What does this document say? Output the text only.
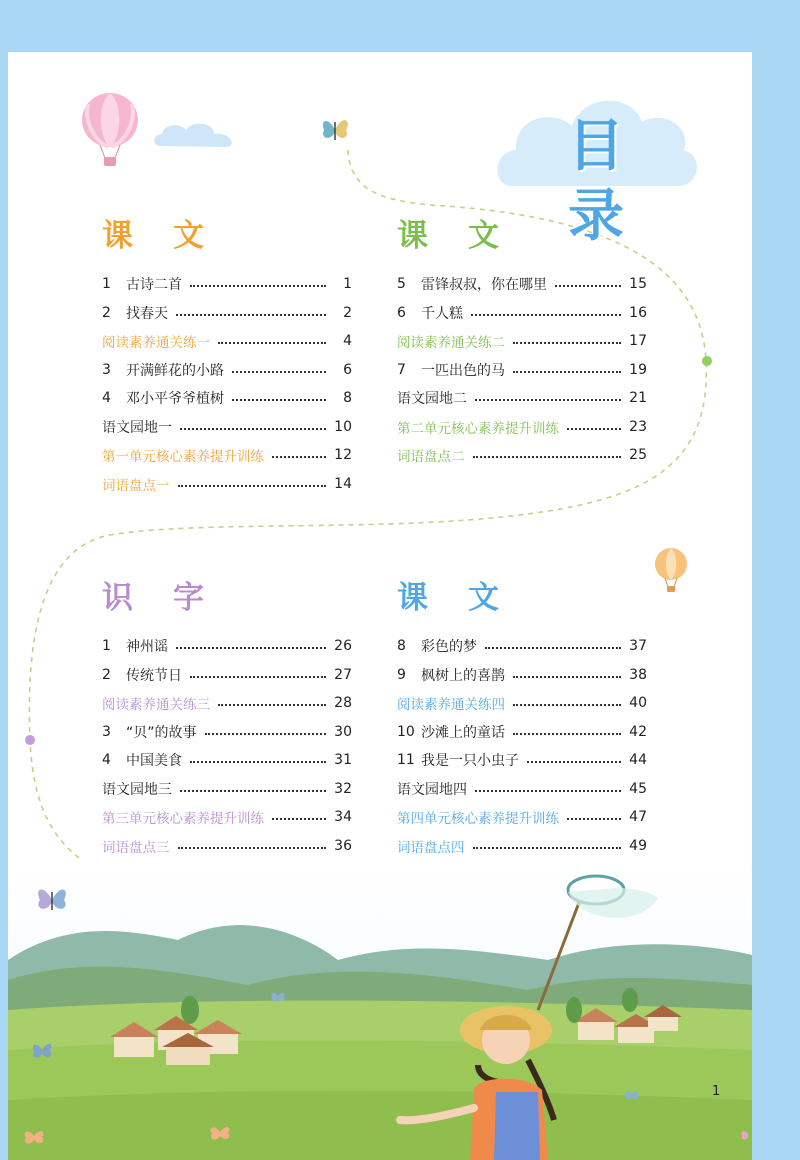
目录
课文
1	古诗二首	1
2	找春天	2
阅读素养通关练一	4
3	开满鲜花的小路	6
4	邓小平爷爷植树	8
语文园地一	10
第一单元核心素养提升训练	12
词语盘点一	14
课文
5	雷锋叔叔，你在哪里	15
6	千人糕	16
阅读素养通关练二	17
7	一匹出色的马	19
语文园地二	21
第二单元核心素养提升训练	23
词语盘点二	25
识字
1	神州谣	26
2	传统节日	27
阅读素养通关练三	28
3	“贝”的故事	30
4	中国美食	31
语文园地三	32
第三单元核心素养提升训练	34
词语盘点三	36
课文
8	彩色的梦	37
9	枫树上的喜鹊	38
阅读素养通关练四	40
10 沙滩上的童话	42
11 我是一只小虫子	44
语文园地四	45
第四单元核心素养提升训练	47
词语盘点四	49
1
